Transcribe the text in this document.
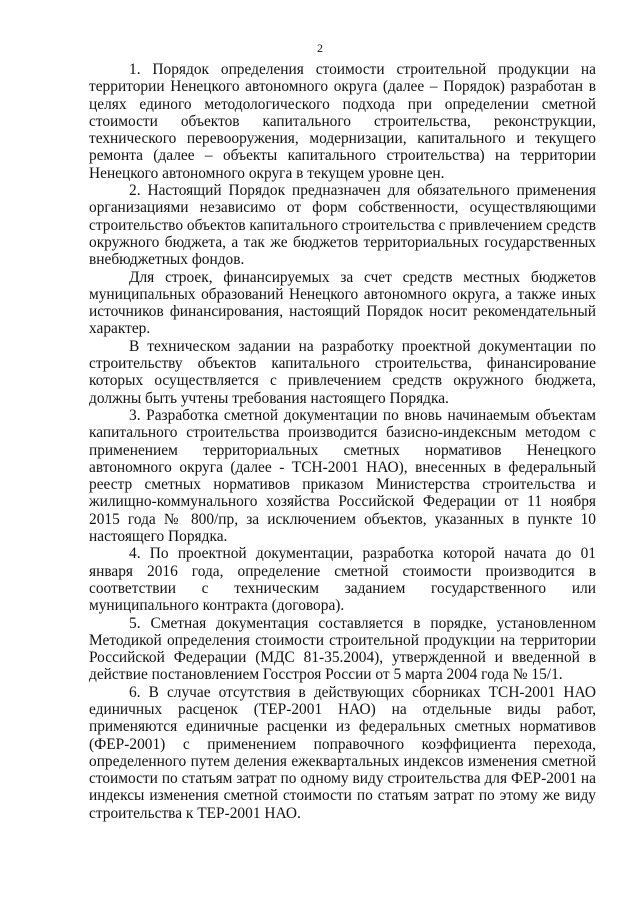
2

1. Порядок определения стоимости строительной продукции на территории Ненецкого автономного округа (далее – Порядок) разработан в целях единого методологического подхода при определении сметной стоимости объектов капитального строительства, реконструкции, технического перевооружения, модернизации, капитального и текущего ремонта (далее – объекты капитального строительства) на территории Ненецкого автономного округа в текущем уровне цен.

2. Настоящий Порядок предназначен для обязательного применения организациями независимо от форм собственности, осуществляющими строительство объектов капитального строительства с привлечением средств окружного бюджета, а так же бюджетов территориальных государственных внебюджетных фондов.

Для строек, финансируемых за счет средств местных бюджетов муниципальных образований Ненецкого автономного округа, а также иных источников финансирования, настоящий Порядок носит рекомендательный характер.

В техническом задании на разработку проектной документации по строительству объектов капитального строительства, финансирование которых осуществляется с привлечением средств окружного бюджета, должны быть учтены требования настоящего Порядка.

3. Разработка сметной документации по вновь начинаемым объектам капитального строительства производится базисно-индексным методом с применением территориальных сметных нормативов Ненецкого автономного округа (далее - ТСН-2001 НАО), внесенных в федеральный реестр сметных нормативов приказом Министерства строительства и жилищно-коммунального хозяйства Российской Федерации от 11 ноября 2015 года № 800/пр, за исключением объектов, указанных в пункте 10 настоящего Порядка.

4. По проектной документации, разработка которой начата до 01 января 2016 года, определение сметной стоимости производится в соответствии с техническим заданием государственного или муниципального контракта (договора).

5. Сметная документация составляется в порядке, установленном Методикой определения стоимости строительной продукции на территории Российской Федерации (МДС 81-35.2004), утвержденной и введенной в действие постановлением Госстроя России от 5 марта 2004 года № 15/1.

6. В случае отсутствия в действующих сборниках ТСН-2001 НАО единичных расценок (ТЕР-2001 НАО) на отдельные виды работ, применяются единичные расценки из федеральных сметных нормативов (ФЕР-2001) с применением поправочного коэффициента перехода, определенного путем деления ежеквартальных индексов изменения сметной стоимости по статьям затрат по одному виду строительства для ФЕР-2001 на индексы изменения сметной стоимости по статьям затрат по этому же виду строительства к ТЕР-2001 НАО.
